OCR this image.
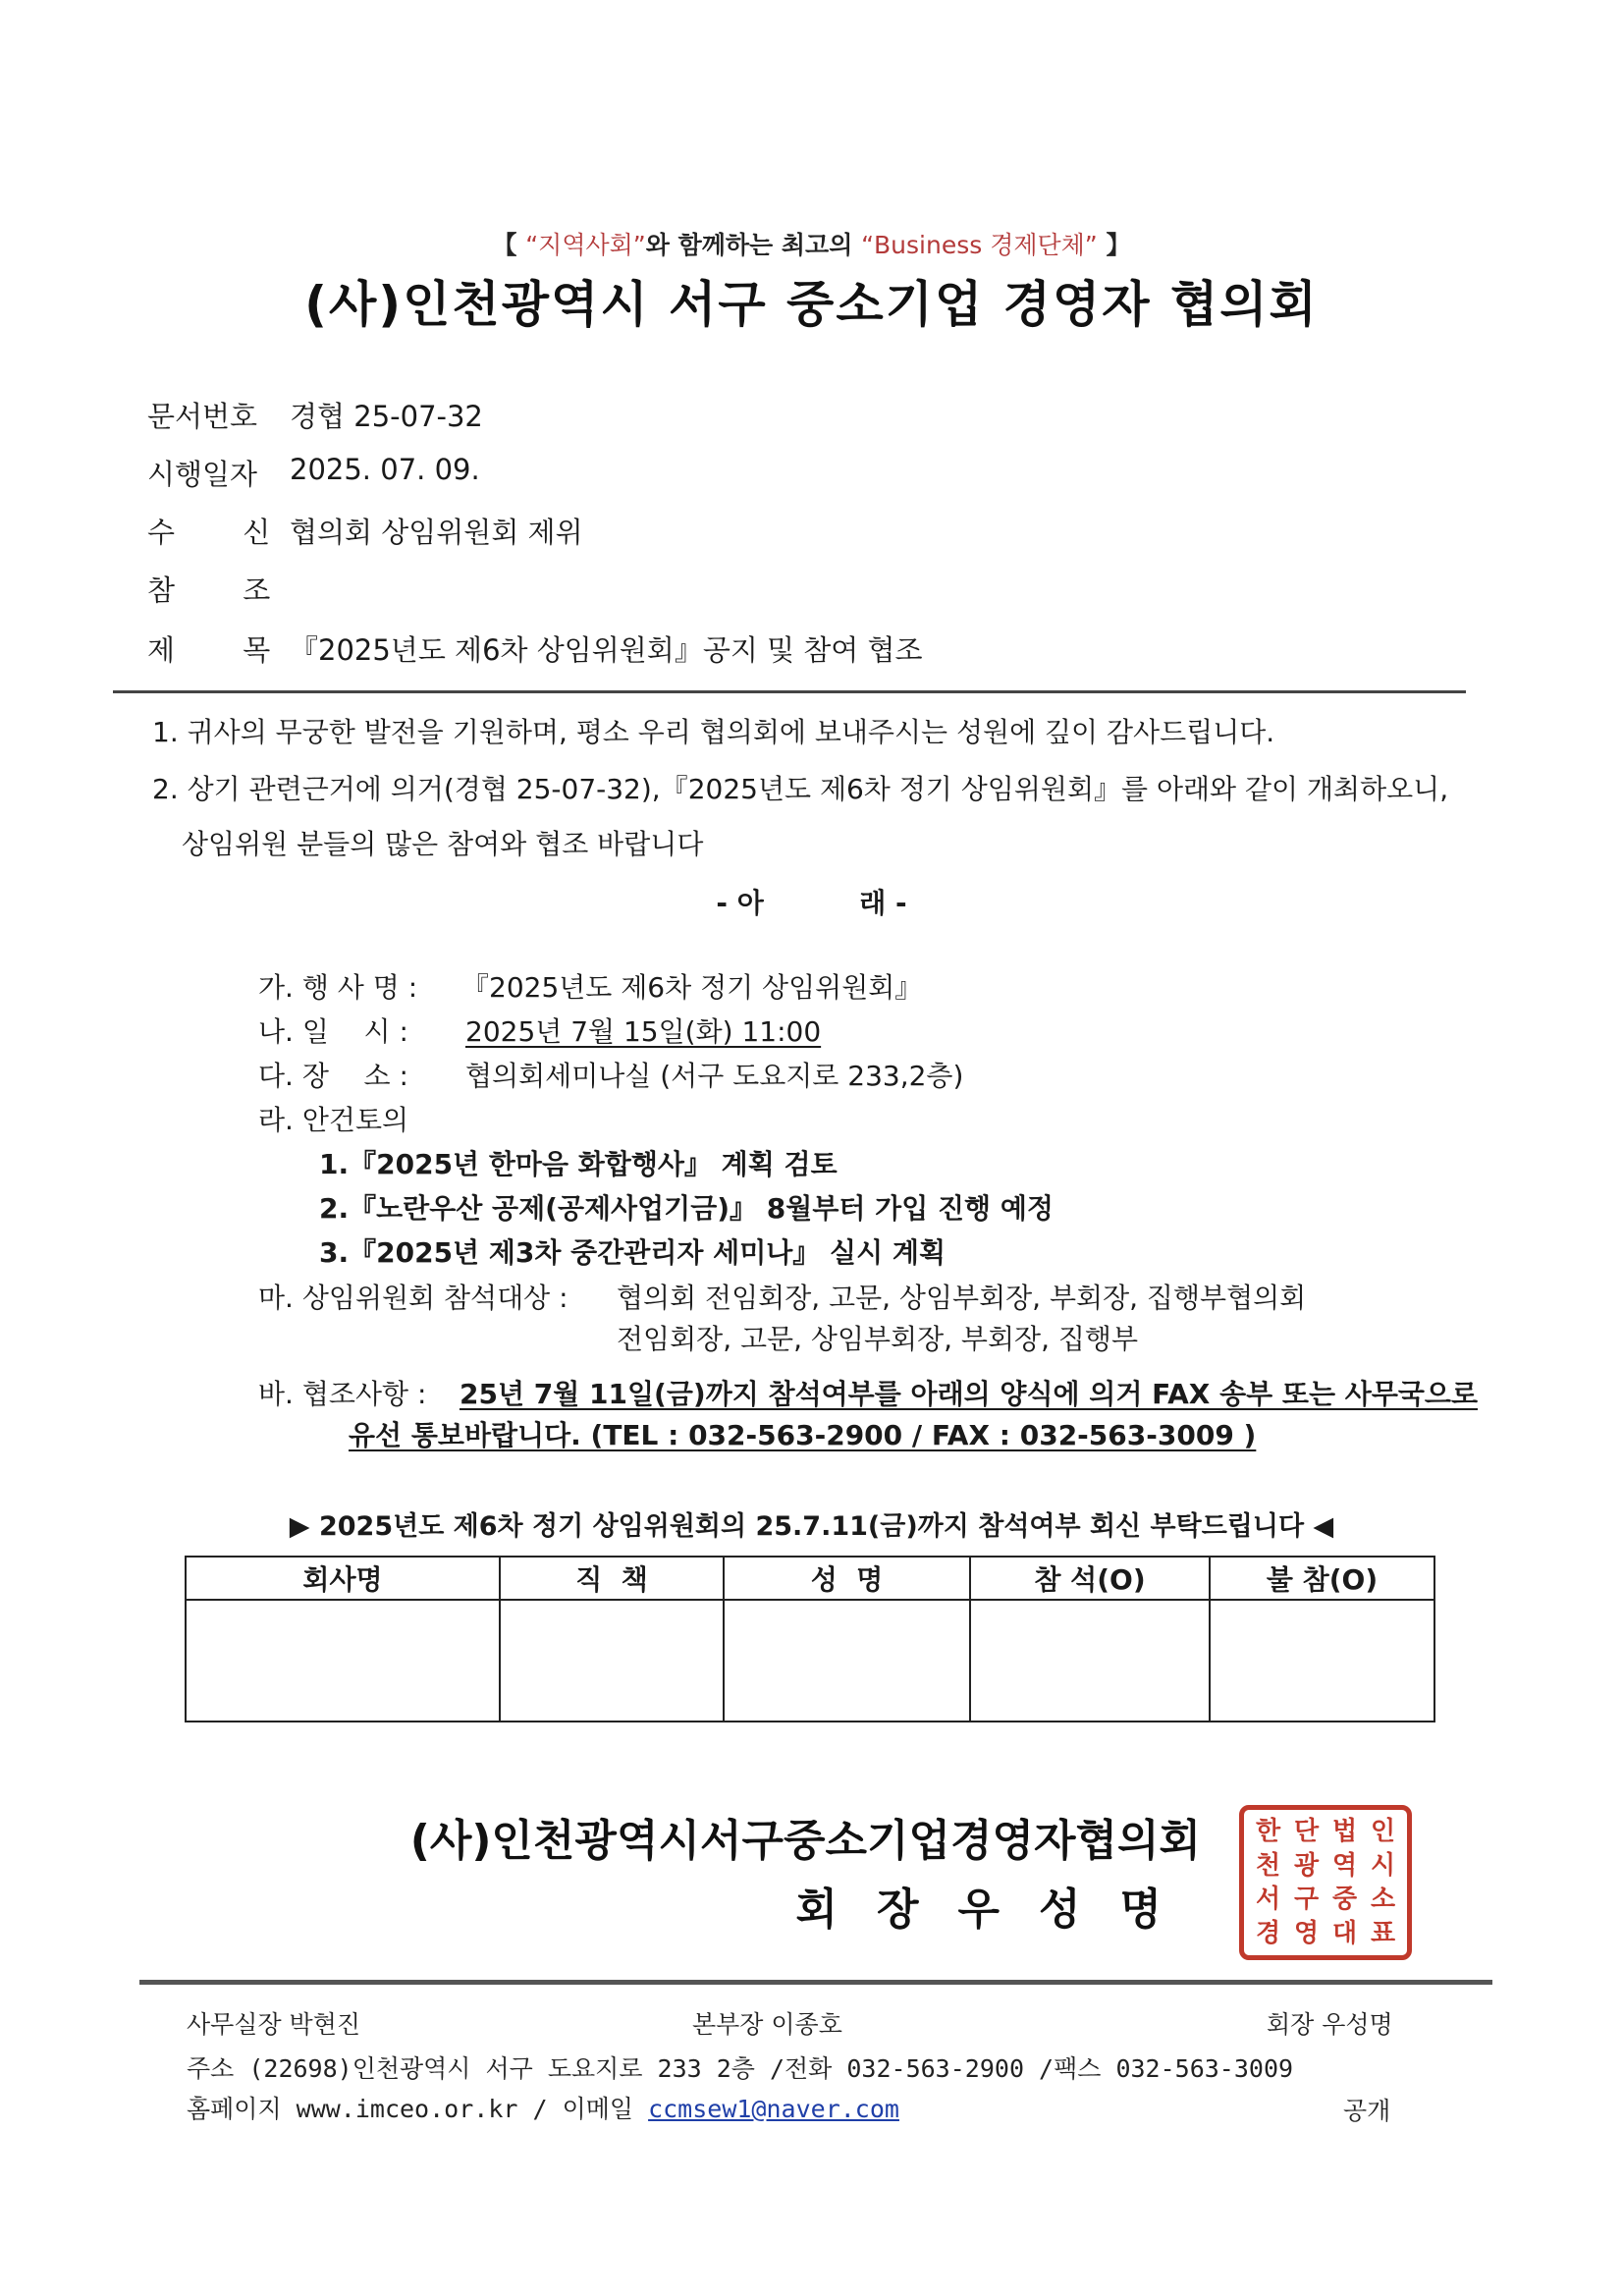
【 “지역사회”와 함께하는 최고의 “Business 경제단체” 】
(사)인천광역시 서구 중소기업 경영자 협의회
문서번호 경협 25-07-32
시행일자 2025. 07. 09.
수 신 협의회 상임위원회 제위
참 조
제 목 『2025년도 제6차 상임위원회』공지 및 참여 협조
1. 귀사의 무궁한 발전을 기원하며, 평소 우리 협의회에 보내주시는 성원에 깊이 감사드립니다.
2. 상기 관련근거에 의거(경협 25-07-32),『2025년도 제6차 정기 상임위원회』를 아래와 같이 개최하오니,
상임위원 분들의 많은 참여와 협조 바랍니다
- 아          래 -
가. 행 사 명 : 『2025년도 제6차 정기 상임위원회』
나. 일    시 : 2025년 7월 15일(화) 11:00
다. 장    소 : 협의회세미나실 (서구 도요지로 233,2층)
라. 안건토의
1.『2025년 한마음 화합행사』 계획 검토
2.『노란우산 공제(공제사업기금)』 8월부터 가입 진행 예정
3.『2025년 제3차 중간관리자 세미나』 실시 계획
마. 상임위원회 참석대상 : 협의회 전임회장, 고문, 상임부회장, 부회장, 집행부협의회
전임회장, 고문, 상임부회장, 부회장, 집행부
바. 협조사항 : 25년 7월 11일(금)까지 참석여부를 아래의 양식에 의거 FAX 송부 또는 사무국으로
유선 통보바랍니다. (TEL : 032-563-2900 / FAX : 032-563-3009 )
▶ 2025년도 제6차 정기 상임위원회의 25.7.11(금)까지 참석여부 회신 부탁드립니다 ◀
회사명	직  책	성  명	참 석(O)	불 참(O)

(사)인천광역시서구중소기업경영자협의회
회장우성명
한 단 법 인
천 광 역 시
서 구 중 소
경 영 대 표
사무실장 박현진	본부장 이종호	회장 우성명
주소 (22698)인천광역시 서구 도요지로 233 2층 /전화 032-563-2900 /팩스 032-563-3009
홈페이지 www.imceo.or.kr / 이메일 ccmsew1@naver.com	공개
